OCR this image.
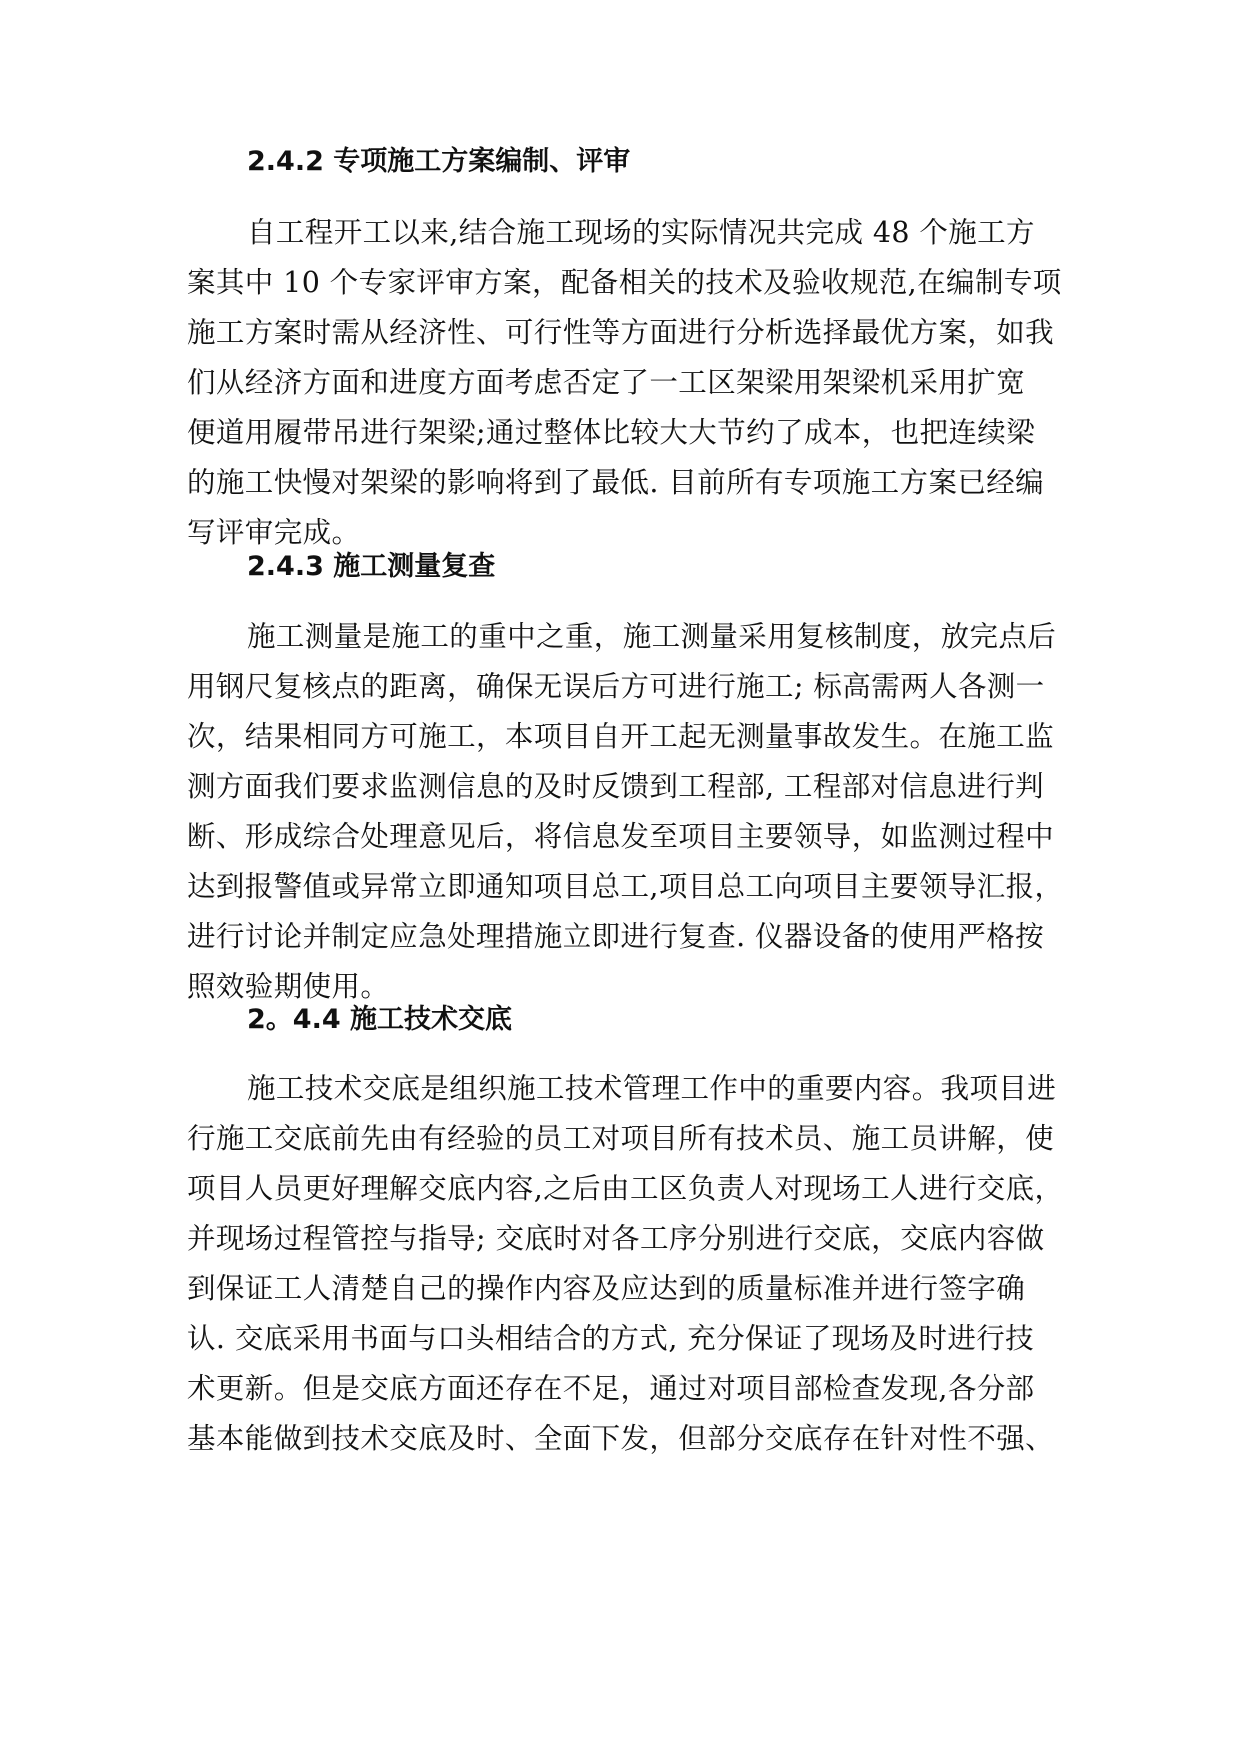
2.4.2 专项施工方案编制、评审
自工程开工以来,结合施工现场的实际情况共完成 48 个施工方
案其中 10 个专家评审方案，配备相关的技术及验收规范,在编制专项
施工方案时需从经济性、可行性等方面进行分析选择最优方案，如我
们从经济方面和进度方面考虑否定了一工区架梁用架梁机采用扩宽
便道用履带吊进行架梁;通过整体比较大大节约了成本，也把连续梁
的施工快慢对架梁的影响将到了最低. 目前所有专项施工方案已经编
写评审完成。
2.4.3 施工测量复查
施工测量是施工的重中之重，施工测量采用复核制度，放完点后
用钢尺复核点的距离，确保无误后方可进行施工; 标高需两人各测一
次，结果相同方可施工，本项目自开工起无测量事故发生。在施工监
测方面我们要求监测信息的及时反馈到工程部, 工程部对信息进行判
断、形成综合处理意见后，将信息发至项目主要领导，如监测过程中
达到报警值或异常立即通知项目总工,项目总工向项目主要领导汇报，
进行讨论并制定应急处理措施立即进行复查. 仪器设备的使用严格按
照效验期使用。
2。4.4 施工技术交底
施工技术交底是组织施工技术管理工作中的重要内容。我项目进
行施工交底前先由有经验的员工对项目所有技术员、施工员讲解，使
项目人员更好理解交底内容,之后由工区负责人对现场工人进行交底，
并现场过程管控与指导; 交底时对各工序分别进行交底，交底内容做
到保证工人清楚自己的操作内容及应达到的质量标准并进行签字确
认. 交底采用书面与口头相结合的方式, 充分保证了现场及时进行技
术更新。但是交底方面还存在不足，通过对项目部检查发现,各分部
基本能做到技术交底及时、全面下发，但部分交底存在针对性不强、
